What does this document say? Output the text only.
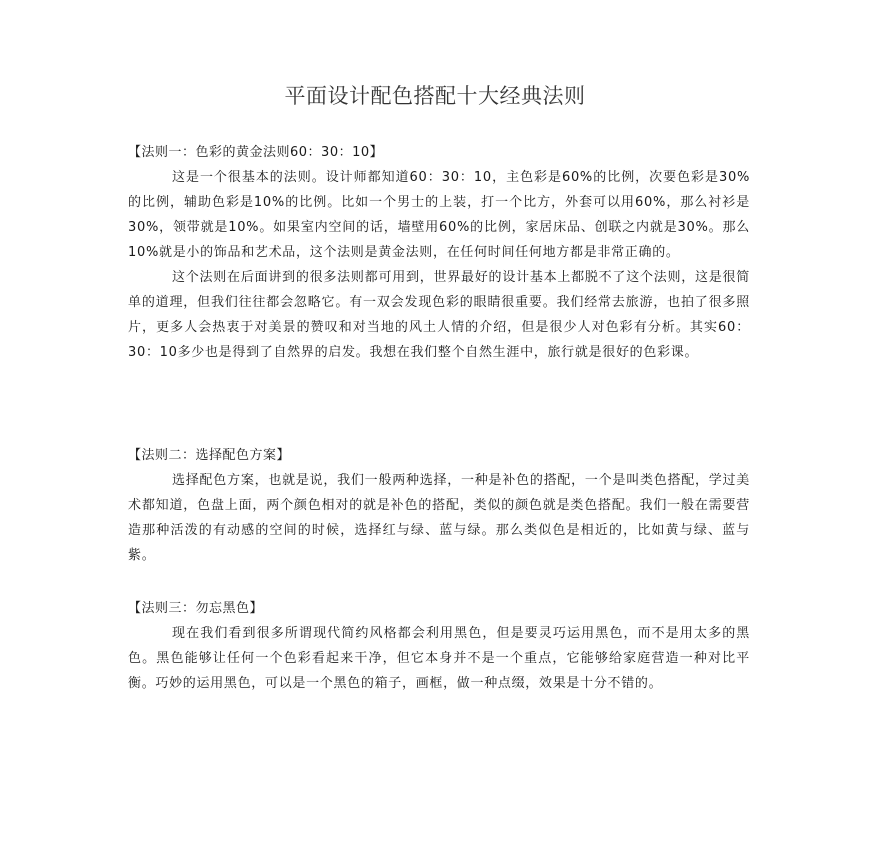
平面设计配色搭配十大经典法则

【法则一：色彩的黄金法则60：30：10】

这是一个很基本的法则。设计师都知道60：30：10，主色彩是60%的比例，次要色彩是30%的比例，辅助色彩是10%的比例。比如一个男士的上装，打一个比方，外套可以用60%，那么衬衫是30%，领带就是10%。如果室内空间的话，墙壁用60%的比例，家居床品、创联之内就是30%。那么10%就是小的饰品和艺术品，这个法则是黄金法则，在任何时间任何地方都是非常正确的。

这个法则在后面讲到的很多法则都可用到，世界最好的设计基本上都脱不了这个法则，这是很简单的道理，但我们往往都会忽略它。有一双会发现色彩的眼睛很重要。我们经常去旅游，也拍了很多照片，更多人会热衷于对美景的赞叹和对当地的风土人情的介绍，但是很少人对色彩有分析。其实60：30：10多少也是得到了自然界的启发。我想在我们整个自然生涯中，旅行就是很好的色彩课。

【法则二：选择配色方案】

选择配色方案，也就是说，我们一般两种选择，一种是补色的搭配，一个是叫类色搭配，学过美术都知道，色盘上面，两个颜色相对的就是补色的搭配，类似的颜色就是类色搭配。我们一般在需要营造那种活泼的有动感的空间的时候，选择红与绿、蓝与绿。那么类似色是相近的，比如黄与绿、蓝与紫。

【法则三：勿忘黑色】

现在我们看到很多所谓现代简约风格都会利用黑色，但是要灵巧运用黑色，而不是用太多的黑色。黑色能够让任何一个色彩看起来干净，但它本身并不是一个重点，它能够给家庭营造一种对比平衡。巧妙的运用黑色，可以是一个黑色的箱子，画框，做一种点缀，效果是十分不错的。
